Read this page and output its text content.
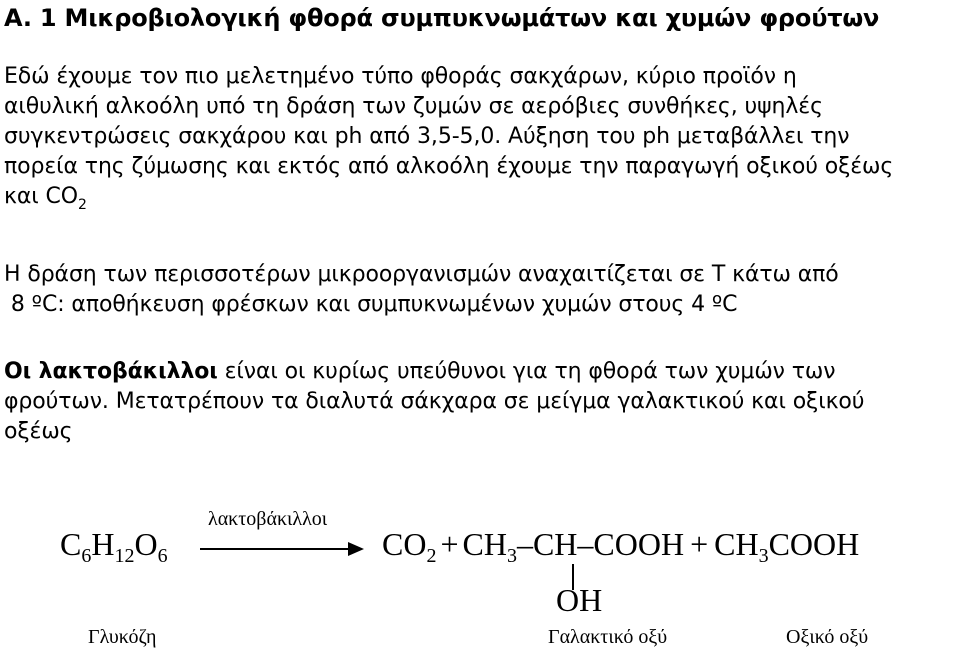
A. 1 Μικροβιολογική φθορά συμπυκνωμάτων και χυμών φρούτων
Εδώ έχουμε τον πιο μελετημένο τύπο φθοράς σακχάρων, κύριο προϊόν η
αιθυλική αλκοόλη υπό τη δράση των ζυμών σε αερόβιες συνθήκες, υψηλές
συγκεντρώσεις σακχάρου και ph από 3,5-5,0. Αύξηση του ph μεταβάλλει την
πορεία της ζύμωσης και εκτός από αλκοόλη έχουμε την παραγωγή οξικού οξέως
και $CO_2$
Η δράση των περισσοτέρων μικροοργανισμών αναχαιτίζεται σε T κάτω από
8 ºC: αποθήκευση φρέσκων και συμπυκνωμένων χυμών στους 4 ºC
Οι λακτοβάκιλλοι είναι οι κυρίως υπεύθυνοι για τη φθορά των χυμών των
φρούτων. Μετατρέπουν τα διαλυτά σάκχαρα σε μείγμα γαλακτικού και οξικού
οξέως
$C_6H_{12}O_6$
λακτοβάκιλλοι
$CO_2$ + $CH_3-CH$–COOH + $CH_3COOH$
OH
Γλυκόζη	Γαλακτικό οξύ	Οξικό οξύ
